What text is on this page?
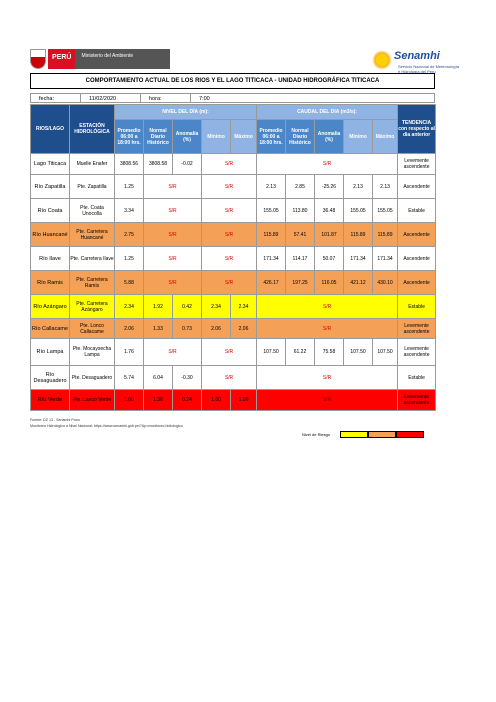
PERÚ	Ministerio del Ambiente	Senamhi
Servicio Nacional de Meteorología e Hidrología del Perú
COMPORTAMIENTO ACTUAL DE LOS RIOS Y EL LAGO TITICACA - UNIDAD HIDROGRÁFICA TITICACA
fecha:	11/02/2020	hora:	7:00
RIOS/LAGO	ESTACIÓN HIDROLÓGICA	NIVEL DEL DÍA (m):					CAUDAL DEL DIA (m3/s):					TENDENCIA con respecto al dia anterior
		Promedio 06:00 a 18:00 hrs.	Normal Diario Histórico	Anomalia (%)	Mínimo	Máximo	Promedio 06:00 a 18:00 hrs.	Normal Diario Histórico	Anomalia (%)	Mínimo	Máximo	
Lago Titicaca	Muelle Enafer	3808.56	3808.58	-0.02	S/R		S/R					Levemente ascendente
Río Zapatilla	Pte. Zapatilla	1.25	S/R		S/R		2.13	2.85	-25.26	2.13	2.13	Ascendente
Río Coata	Pte. Coata Unocolla	3.34	S/R		S/R		155.05	113.80	36.48	155.05	155.05	Estable
Río Huancané	Pte. Carretera Huancané	2.75	S/R		S/R		115.89	57.41	101.87	115.89	115.89	Ascendente
Río Ilave	Pte. Carretera Ilave	1.25	S/R		S/R		171.34	114.17	50.07	171.34	171.34	Ascendente
Río Ramis	Pte. Carretera Ramis	5.88	S/R		S/R		426.17	197.25	116.05	421.12	430.10	Ascendente
Río Azángaro	Pte. Carretera Azángaro	2.34	1.92	0.42	2.34	2.34	S/R					Estable
Río Callacame	Pte. Lonco Callacame	2.06	1.33	0.73	2.06	2.06	S/R					Levemente ascendente
Río Lampa	Pte. Mocaysecha Lampa	1.76	S/R		S/R		107.50	61.22	75.58	107.50	107.50	Levemente ascendente
Río Desaguadero	Pte. Desaguadero	5.74	6.04	-0.30	S/R		S/R					Estable
Río Verde	Pte. Lanco Verde	1.60	1.36	0.24	1.60	1.60	S/R					Levemente ascendente
Fuente: DZ 13 - Senamhi Puno
Monitoreo Hidrológico a Nivel Nacional: https://www.senamhi.gob.pe/?&p=monitoreo-hidrologico
Nivel de Riesgo
